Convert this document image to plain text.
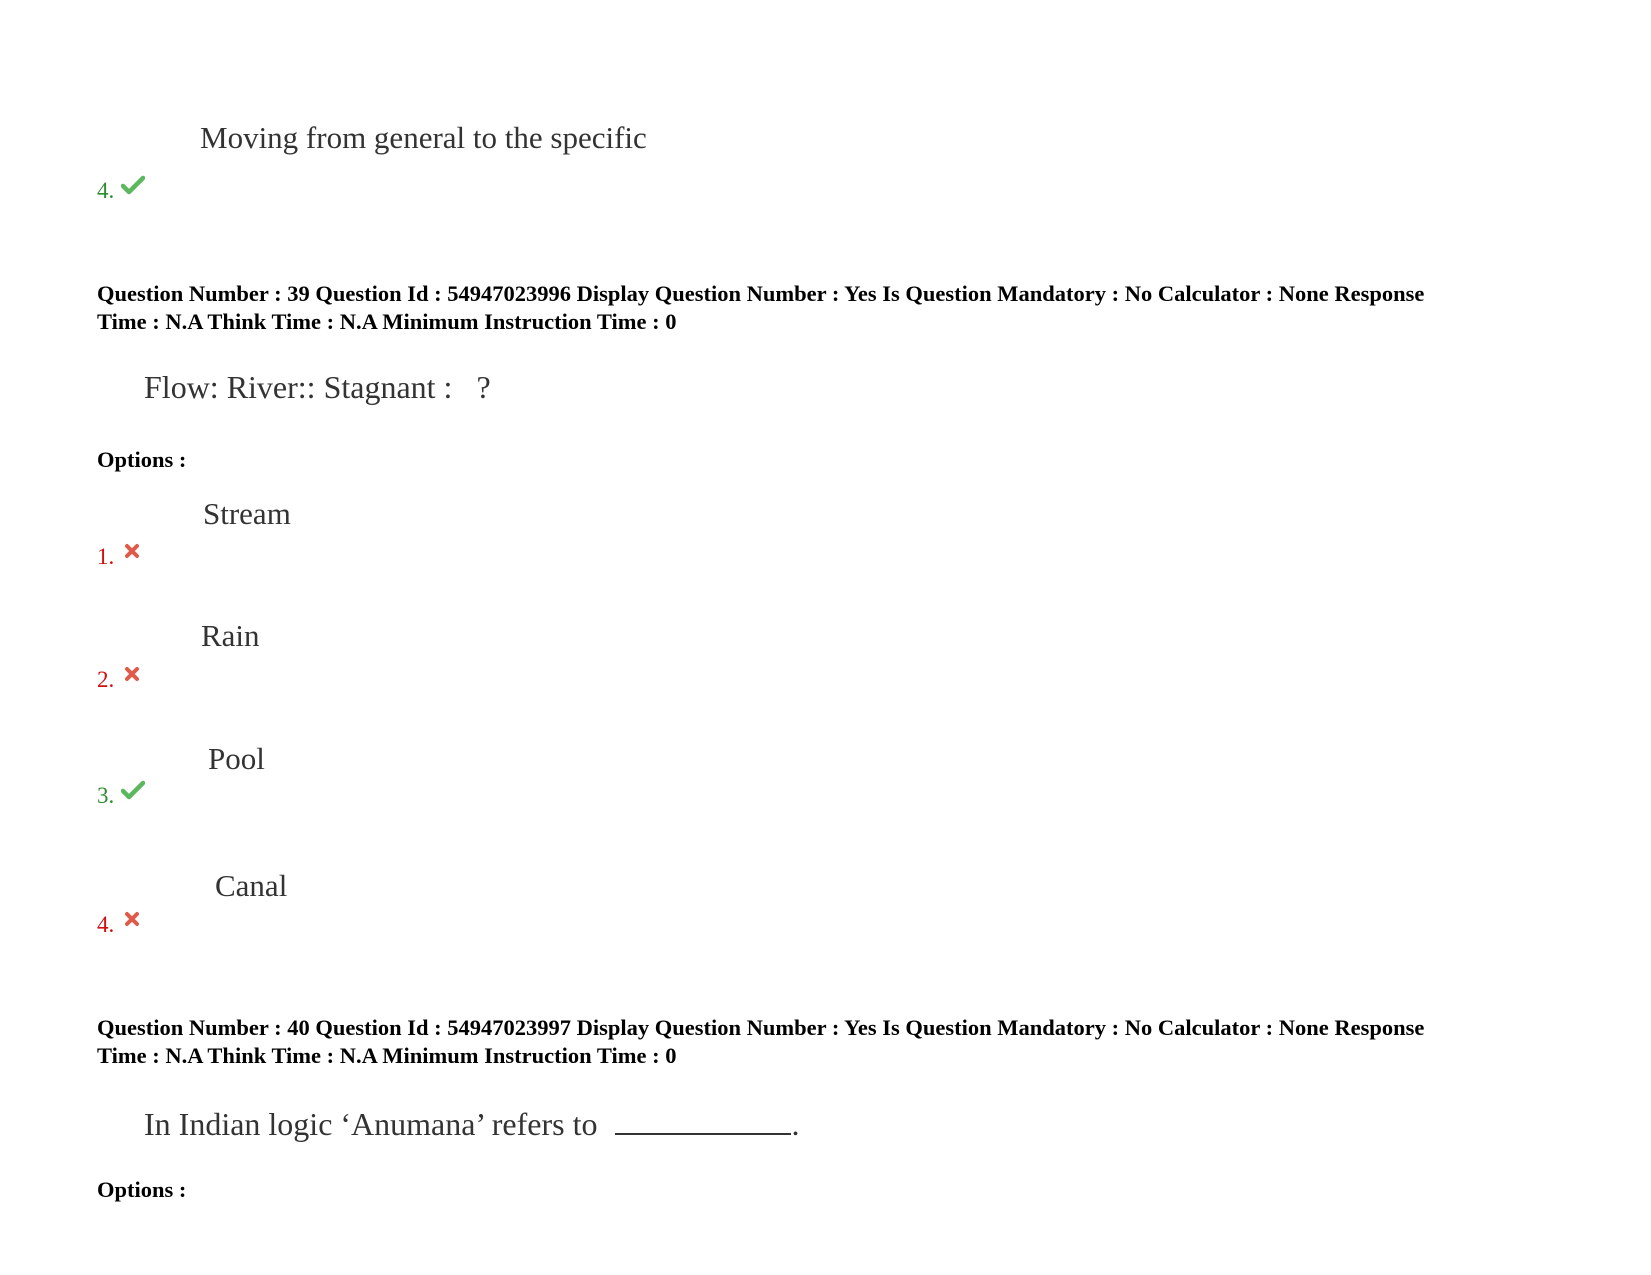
Moving from general to the specific
4.
Question Number : 39 Question Id : 54947023996 Display Question Number : Yes Is Question Mandatory : No Calculator : None Response
Time : N.A Think Time : N.A Minimum Instruction Time : 0
Flow: River:: Stagnant :   ?
Options :
Stream
1.
Rain
2.
Pool
3.
Canal
4.
Question Number : 40 Question Id : 54947023997 Display Question Number : Yes Is Question Mandatory : No Calculator : None Response
Time : N.A Think Time : N.A Minimum Instruction Time : 0
In Indian logic ‘Anumana’ refers to	.
Options :
